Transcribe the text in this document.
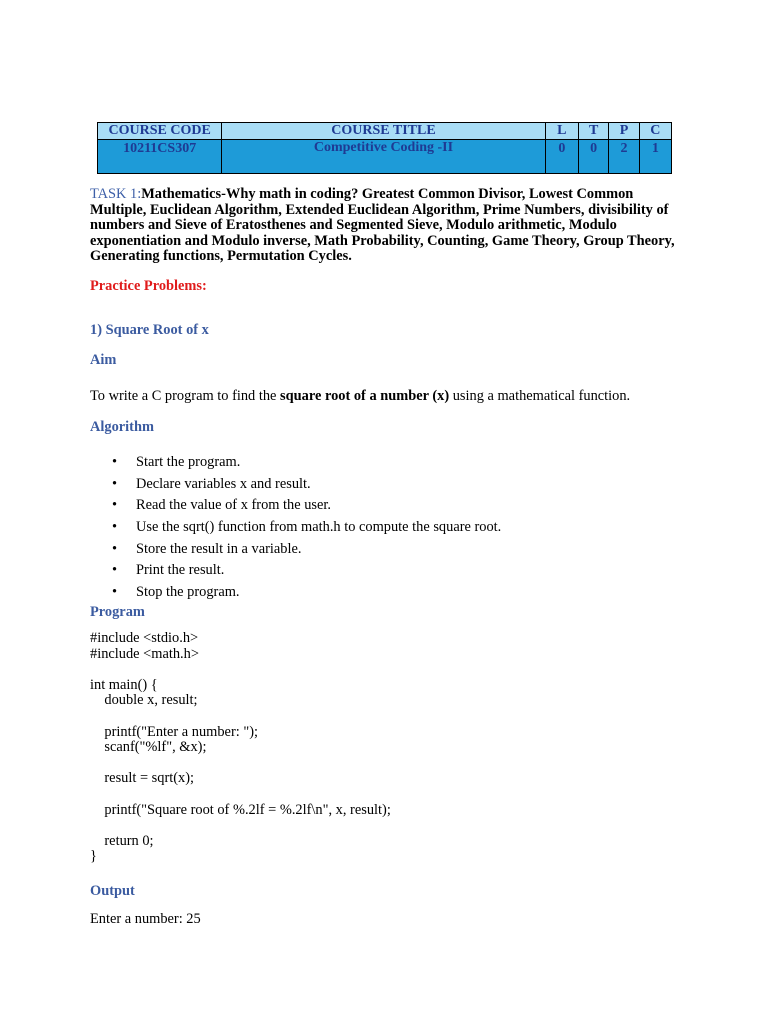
COURSE CODE	COURSE TITLE	L	T	P	C
10211CS307	Competitive Coding -II	0	0	2	1
TASK 1:Mathematics-Why math in coding? Greatest Common Divisor, Lowest Common Multiple, Euclidean Algorithm, Extended Euclidean Algorithm, Prime Numbers, divisibility of numbers and Sieve of Eratosthenes and Segmented Sieve, Modulo arithmetic, Modulo exponentiation and Modulo inverse, Math Probability, Counting, Game Theory, Group Theory, Generating functions, Permutation Cycles.
Practice Problems:
1) Square Root of x
Aim
To write a C program to find the square root of a number (x) using a mathematical function.
Algorithm
• Start the program.
• Declare variables x and result.
• Read the value of x from the user.
• Use the sqrt() function from math.h to compute the square root.
• Store the result in a variable.
• Print the result.
• Stop the program.
Program
#include <stdio.h>
#include <math.h>

int main() {
double x, result;

printf("Enter a number: ");
scanf("%lf", &x);

result = sqrt(x);

printf("Square root of %.2lf = %.2lf\n", x, result);

return 0;
}
Output
Enter a number: 25
